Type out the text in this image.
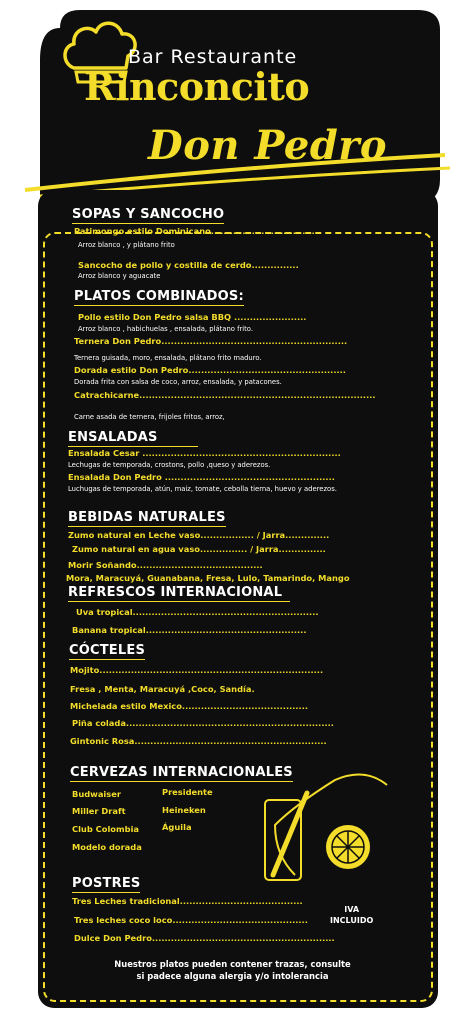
Bar Restaurante
Rinconcito
Don Pedro
SOPAS Y SANCOCHO
Patimongo estilo Dominicano.................................
Arroz blanco , y plátano frito
Sancocho de pollo y costilla de cerdo...............
Arroz blanco y aguacate
PLATOS COMBINADOS:
Pollo estilo Don Pedro salsa BBQ .......................
Arroz blanco , habichuelas , ensalada, plátano frito.
Ternera Don Pedro...........................................................
Ternera guisada, moro, ensalada, plátano frito maduro.
Dorada estilo Don Pedro..................................................
Dorada frita con salsa de coco, arroz, ensalada, y patacones.
Catrachicarne...........................................................................
Carne asada de ternera, frijoles fritos, arroz,
ENSALADAS
Ensalada Cesar ...............................................................
Lechugas de temporada, crostons, pollo ,queso y aderezos.
Ensalada Don Pedro ......................................................
Luchugas de temporada, atún, maiz, tomate, cebolla tierna, huevo y aderezos.
BEBIDAS NATURALES
Zumo natural en Leche vaso................. / Jarra..............
Zumo natural en agua vaso............... / Jarra...............
Morir Soñando........................................
Mora, Maracuyá, Guanabana, Fresa, Lulo, Tamarindo, Mango
REFRESCOS INTERNACIONAL
Uva tropical...........................................................
Banana tropical...................................................
CÓCTELES
Mojito.......................................................................
Fresa , Menta, Maracuyá ,Coco, Sandía.
Michelada estilo Mexico........................................
Piña colada..................................................................
Gintonic Rosa.............................................................
CERVEZAS INTERNACIONALES
Budwaiser
Miller Draft
Club Colombia
Modelo dorada
Presidente
Heineken
Águila
POSTRES
Tres Leches tradicional.......................................
Tres leches coco loco...........................................
Dulce Don Pedro..........................................................
IVA
INCLUIDO
Nuestros platos pueden contener trazas, consulte
si padece alguna alergia y/o intolerancia
